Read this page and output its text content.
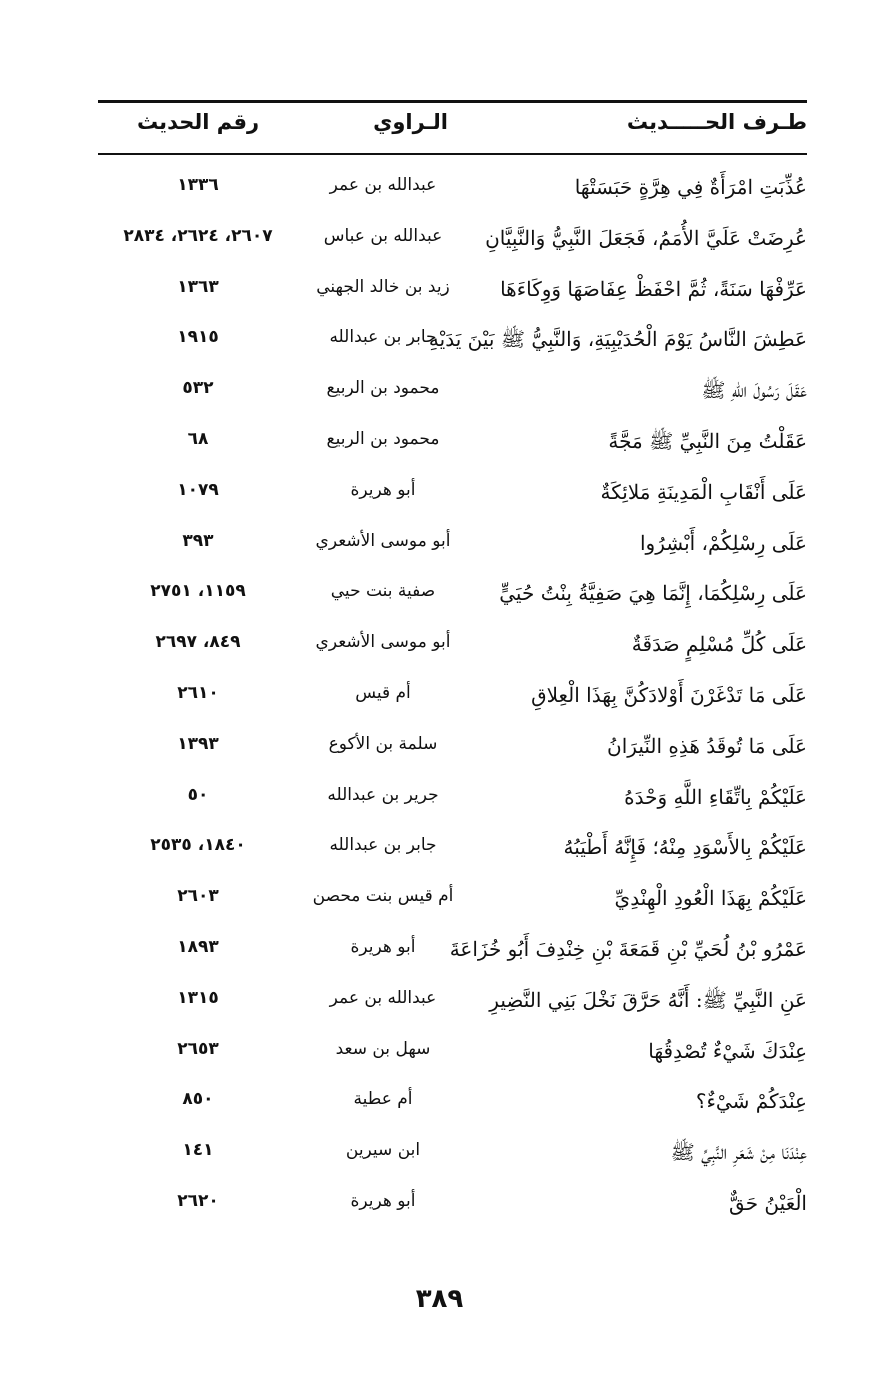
طـرف الحـــــديث
الـراوي
رقم الحديث
عُذِّبَتِ امْرَأَةٌ فِي هِرَّةٍ حَبَسَتْهَا
عبدالله بن عمر
١٣٣٦
عُرِضَتْ عَلَيَّ الأُمَمُ، فَجَعَلَ النَّبِيُّ وَالنَّبِيَّانِ
عبدالله بن عباس
٢٦٠٧، ٢٦٢٤، ٢٨٣٤
عَرِّفْهَا سَنَةً، ثُمَّ احْفَظْ عِفَاصَهَا وَوِكَاءَهَا
زيد بن خالد الجهني
١٣٦٣
عَطِشَ النَّاسُ يَوْمَ الْحُدَيْبِيَةِ، وَالنَّبِيُّ ﷺ بَيْنَ يَدَيْهِ
جابر بن عبدالله
١٩١٥
عَقَلَ رَسُولَ اللهِ ﷺ
محمود بن الربيع
٥٣٢
عَقَلْتُ مِنَ النَّبِيِّ ﷺ مَجَّةً
محمود بن الربيع
٦٨
عَلَى أَنْقَابِ الْمَدِينَةِ مَلائِكَةٌ
أبو هريرة
١٠٧٩
عَلَى رِسْلِكُمْ، أَبْشِرُوا
أبو موسى الأشعري
٣٩٣
عَلَى رِسْلِكُمَا، إِنَّمَا هِيَ صَفِيَّةُ بِنْتُ حُيَيٍّ
صفية بنت حيي
١١٥٩، ٢٧٥١
عَلَى كُلِّ مُسْلِمٍ صَدَقَةٌ
أبو موسى الأشعري
٨٤٩، ٢٦٩٧
عَلَى مَا تَدْغَرْنَ أَوْلادَكُنَّ بِهَذَا الْعِلاقِ
أم قيس
٢٦١٠
عَلَى مَا تُوقَدُ هَذِهِ النِّيرَانُ
سلمة بن الأكوع
١٣٩٣
عَلَيْكُمْ بِاتِّقَاءِ اللَّهِ وَحْدَهُ
جرير بن عبدالله
٥٠
عَلَيْكُمْ بِالأَسْوَدِ مِنْهُ؛ فَإِنَّهُ أَطْيَبُهُ
جابر بن عبدالله
١٨٤٠، ٢٥٣٥
عَلَيْكُمْ بِهَذَا الْعُودِ الْهِنْدِيِّ
أم قيس بنت محصن
٢٦٠٣
عَمْرُو بْنُ لُحَيِّ بْنِ قَمَعَةَ بْنِ خِنْدِفَ أَبُو خُزَاعَةَ
أبو هريرة
١٨٩٣
عَنِ النَّبِيِّ ﷺ: أَنَّهُ حَرَّقَ نَخْلَ بَنِي النَّضِيرِ
عبدالله بن عمر
١٣١٥
عِنْدَكَ شَيْءٌ تُصْدِقُهَا
سهل بن سعد
٢٦٥٣
عِنْدَكُمْ شَيْءٌ؟
أم عطية
٨٥٠
عِنْدَنَا مِنْ شَعَرِ النَّبِيِّ ﷺ
ابن سيرين
١٤١
الْعَيْنُ حَقٌّ
أبو هريرة
٢٦٢٠
٣٨٩
